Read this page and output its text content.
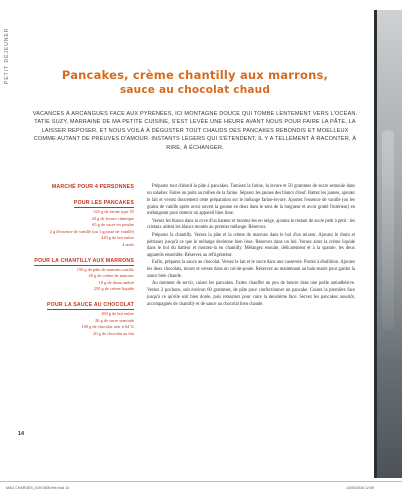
PETIT DÉJEUNER	Pancakes, crème chantilly aux marrons,
sauce au chocolat chaud
VACANCES À ARCANGUES FACE AUX PYRÉNÉES, ICI MONTAGNE DOUCE QUI TOMBE LENTEMENT VERS L'OCÉAN. TATIE SUZY, MARRAINE DE MA PETITE CUISINE, S'EST LEVÉE UNE HEURE AVANT NOUS POUR FAIRE LA PÂTE, LA LAISSER REPOSER, ET NOUS VOILÀ À DÉGUSTER TOUT CHAUDS DES PANCAKES REBONDIS ET MOELLEUX COMME AUTANT DE PREUVES D'AMOUR. INSTANTS LÉGERS QUI S'ÉTENDENT, IL Y A TELLEMENT À RACONTER, À RIRE, À ÉCHANGER.
MARCHÉ POUR 4 PERSONNES
POUR LES PANCAKES
325 g de farine type 55
20 g de levure chimique
65 g de sucre en poudre
2 g d'essence de vanille (ou 1 gousse de vanille)
420 g de lait entier
4 œufs
POUR LA CHANTILLY AUX MARRONS
150 g de pâte de marrons confits
40 g de crème de marrons
10 g de rhum ambré
250 g de crème liquide
POUR LA SAUCE AU CHOCOLAT
100 g de lait entier
20 g de sucre semoule
100 g de chocolat noir à 64 %
20 g de chocolat au lait

Préparez tout d'abord la pâte à pancakes. Tamisez la farine, la levure et 50 grammes de sucre semoule dans un saladier. Faites un puits au milieu de la farine. Séparez les jaunes des blancs d'œuf. Battez les jaunes, ajoutez le lait et versez doucement cette préparation sur le mélange farine-levure. Ajoutez l'essence de vanille (ou les grains de vanille après avoir ouvert la gousse en deux dans le sens de la longueur et avoir gratté l'intérieur) en mélangeant pour obtenir un appareil bien lisse.

Versez les blancs dans la cuve d'un batteur et montez-les en neige, ajoutez le restant de sucre petit à petit : les cristaux aident les blancs montés au premier mélange. Réservez.

Préparez la chantilly. Versez la pâte et la crème de marrons dans le bol d'un mixeur. Ajoutez le rhum et pétrissez jusqu'à ce que le mélange devienne bien lisse. Réservez dans un bol. Versez alors la crème liquide dans le bol du batteur et montez-la en chantilly. Mélangez ensuite, délicatement et à la spatule, les deux appareils ensemble. Réservez au réfrigérateur.

Enfin, préparez la sauce au chocolat. Versez le lait et le sucre dans une casserole. Portez à ébullition. Ajoutez les deux chocolats, mixez et versez dans un cul-de-poule. Réservez au maintenant au bain-marie pour garder la sauce bien chaude.

Au moment de servir, cuisez les pancakes. Faites chauffer un peu de beurre dans une poêle antiadhésive. Versez 2 pochons, soit environ 60 grammes, de pâte pour confectionner un pancake. Cuisez la première face jusqu'à ce qu'elle soit bien dorée, puis retournez pour cuire la deuxième face. Servez les pancakes aussitôt, accompagnés de chantilly et de sauce au chocolat bien chaude.

14
MAG CHARGÉS_ICM 0505 ftxt indd 14	13/05/2016 12:59
